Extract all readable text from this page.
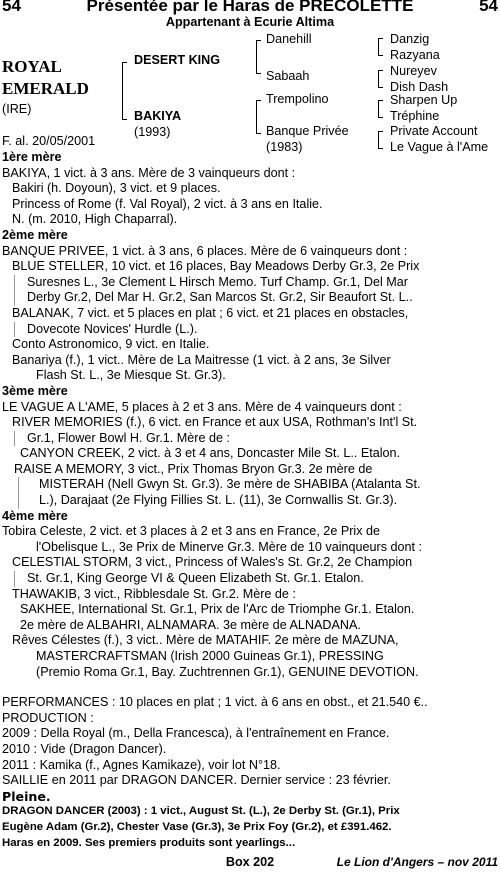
54	Présentée par le Haras de PRECOLETTE	54
Appartenant à Ecurie Altima
ROYAL
EMERALD
(IRE)
F. al. 20/05/2001
DESERT KING
BAKIYA
(1993)
Danehill
Sabaah
Trempolino
Banque Privée
(1983)
Danzig
Razyana
Nureyev
Dish Dash
Sharpen Up
Tréphine
Private Account
Le Vague à l'Ame
1ère mère
BAKIYA, 1 vict. à 3 ans. Mère de 3 vainqueurs dont :
Bakiri (h. Doyoun), 3 vict. et 9 places.
Princess of Rome (f. Val Royal), 2 vict. à 3 ans en Italie.
N. (m. 2010, High Chaparral).
2ème mère
BANQUE PRIVEE, 1 vict. à 3 ans, 6 places. Mère de 6 vainqueurs dont :
BLUE STELLER, 10 vict. et 16 places, Bay Meadows Derby Gr.3, 2e Prix
Suresnes L., 3e Clement L Hirsch Memo. Turf Champ. Gr.1, Del Mar
Derby Gr.2, Del Mar H. Gr.2, San Marcos St. Gr.2, Sir Beaufort St. L..
BALANAK, 7 vict. et 5 places en plat ; 6 vict. et 21 places en obstacles,
Dovecote Novices' Hurdle (L.).
Conto Astronomico, 9 vict. en Italie.
Banariya (f.), 1 vict.. Mère de La Maitresse (1 vict. à 2 ans, 3e Silver
Flash St. L., 3e Miesque St. Gr.3).
3ème mère
LE VAGUE A L'AME, 5 places à 2 et 3 ans. Mère de 4 vainqueurs dont :
RIVER MEMORIES (f.), 6 vict. en France et aux USA, Rothman's Int'l St.
Gr.1, Flower Bowl H. Gr.1. Mère de :
CANYON CREEK, 2 vict. à 3 et 4 ans, Doncaster Mile St. L.. Etalon.
RAISE A MEMORY, 3 vict., Prix Thomas Bryon Gr.3. 2e mère de
MISTERAH (Nell Gwyn St. Gr.3). 3e mère de SHABIBA (Atalanta St.
L.), Darajaat (2e Flying Fillies St. L. (11), 3e Cornwallis St. Gr.3).
4ème mère
Tobira Celeste, 2 vict. et 3 places à 2 et 3 ans en France, 2e Prix de
l'Obelisque L., 3e Prix de Minerve Gr.3. Mère de 10 vainqueurs dont :
CELESTIAL STORM, 3 vict., Princess of Wales's St. Gr.2, 2e Champion
St. Gr.1, King George VI & Queen Elizabeth St. Gr.1. Etalon.
THAWAKIB, 3 vict., Ribblesdale St. Gr.2. Mère de :
SAKHEE, International St. Gr.1, Prix de l'Arc de Triomphe Gr.1. Etalon.
2e mère de ALBAHRI, ALNAMARA. 3e mère de ALNADANA.
Rêves Célestes (f.), 3 vict.. Mère de MATAHIF. 2e mère de MAZUNA,
MASTERCRAFTSMAN (Irish 2000 Guineas Gr.1), PRESSING
(Premio Roma Gr.1, Bay. Zuchtrennen Gr.1), GENUINE DEVOTION.
PERFORMANCES : 10 places en plat ; 1 vict. à 6 ans en obst., et 21.540 €..
PRODUCTION :
2009 : Della Royal (m., Della Francesca), à l'entraînement en France.
2010 : Vide (Dragon Dancer).
2011 : Kamika (f., Agnes Kamikaze), voir lot N°18.
SAILLIE en 2011 par DRAGON DANCER. Dernier service : 23 février.
Pleine.
DRAGON DANCER (2003) : 1 vict., August St. (L.), 2e Derby St. (Gr.1), Prix
Eugène Adam (Gr.2), Chester Vase (Gr.3), 3e Prix Foy (Gr.2), et £391.462.
Haras en 2009. Ses premiers produits sont yearlings...
Box 202	Le Lion d'Angers – nov 2011
